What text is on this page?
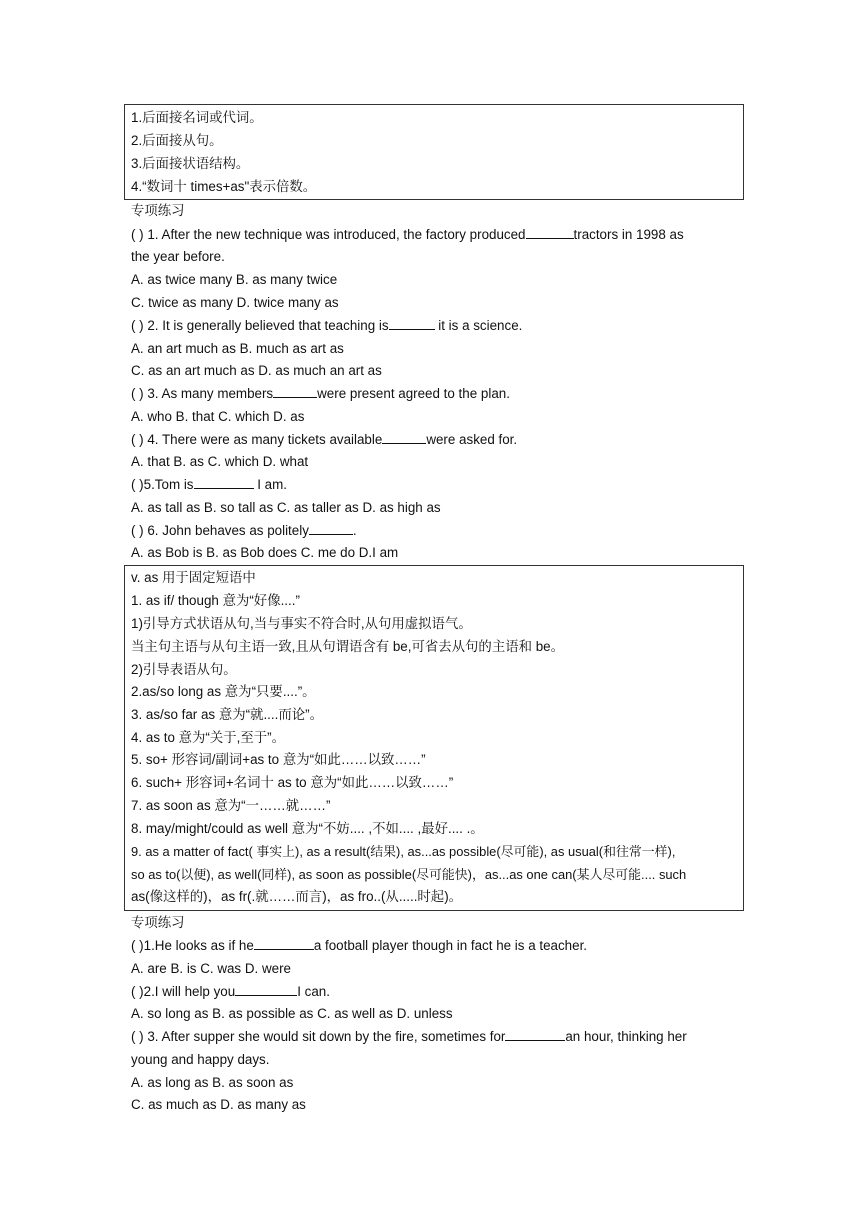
1.后面接名词或代词。
2.后面接从句。
3.后面接状语结构。
4.“数词十 times+as"表示倍数。
专项练习
( ) 1. After the new technique was introduced, the factory produced	tractors in 1998 as
the year before.
A. as twice many B. as many twice
C. twice as many D. twice many as
( ) 2. It is generally believed that teaching is	it is a science.
A. an art much as B. much as art as
C. as an art much as D. as much an art as
( ) 3. As many members	were present agreed to the plan.
A. who B. that C. which D. as
( ) 4. There were as many tickets available	were asked for.
A. that B. as C. which D. what
( )5.Tom is	I am.
A. as tall as B. so tall as C. as taller as D. as high as
( ) 6. John behaves as politely	.
A. as Bob is B. as Bob does C. me do D.I am
v. as 用于固定短语中
1. as if/ though 意为“好像....”
1)引导方式状语从句,当与事实不符合时,从句用虚拟语气。
当主句主语与从句主语一致,且从句谓语含有 be,可省去从句的主语和 be。
2)引导表语从句。
2.as/so long as 意为“只要....”。
3. as/so far as 意为“就....而论”。
4. as to 意为“关于,至于”。
5. so+ 形容词/副词+as to 意为“如此……以致……”
6. such+ 形容词+名词十 as to 意为“如此……以致……”
7. as soon as 意为“一……就……”
8. may/might/could as well 意为“不妨.... ,不如.... ,最好.... .。
9. as a matter of fact( 事实上), as a result(结果), as...as possible(尽可能), as usual(和往常一样),
so as to(以便), as well(同样), as soon as possible(尽可能快)，as...as one can(某人尽可能.... such
as(像这样的)，as fr(.就……而言)，as fro..(从.....时起)。
专项练习
( )1.He looks as if he	a football player though in fact he is a teacher.
A. are B. is C. was D. were
( )2.I will help you	I can.
A. so long as B. as possible as C. as well as D. unless
( ) 3. After supper she would sit down by the fire, sometimes for	an hour, thinking her
young and happy days.
A. as long as B. as soon as
C. as much as D. as many as
